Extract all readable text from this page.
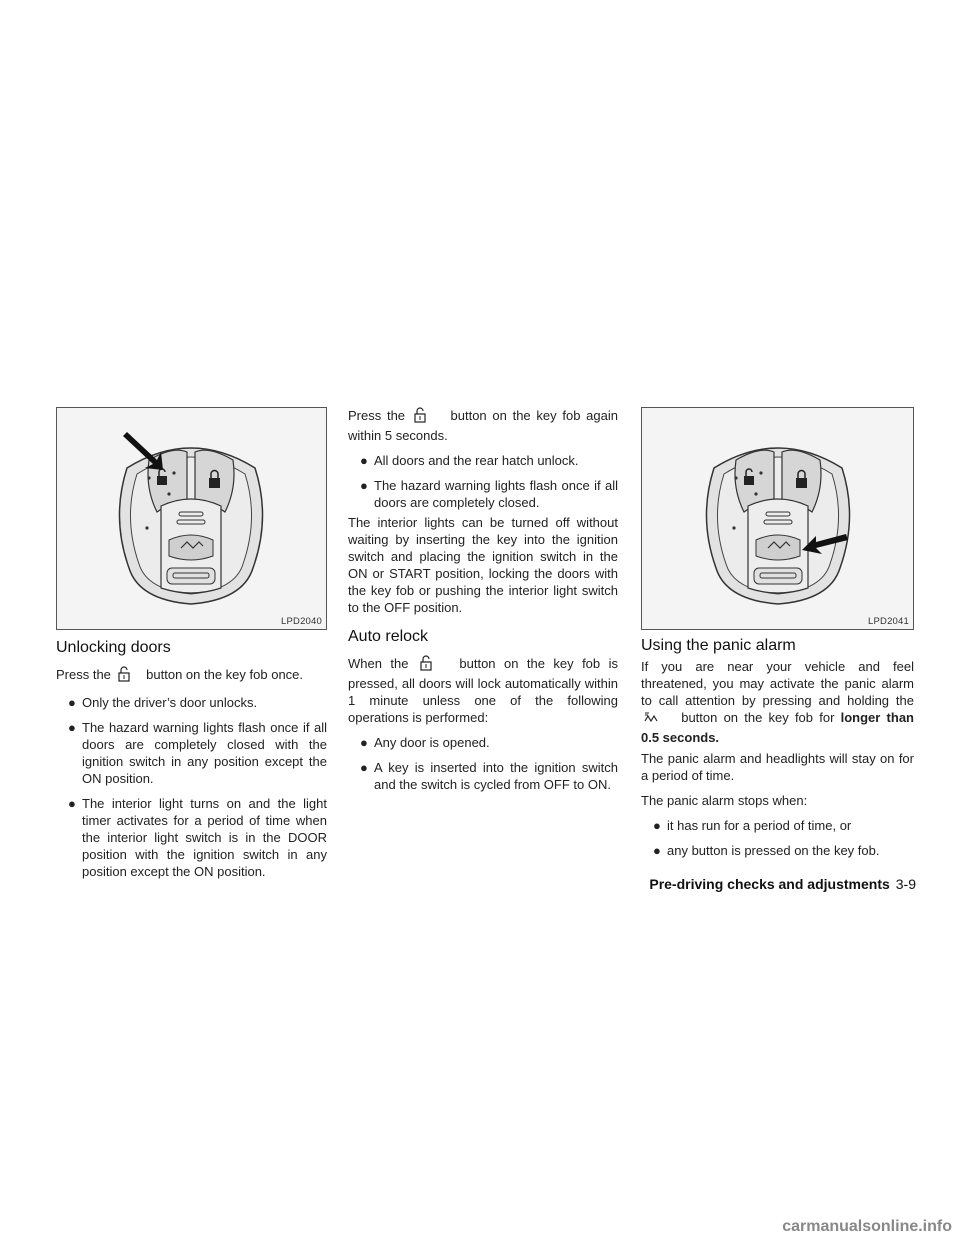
LPD2040
Unlocking doors

Press the	button on the key fob once.

● Only the driver’s door unlocks.
● The hazard warning lights flash once if all doors are completely closed with the ignition switch in any position except the ON position.
● The interior light turns on and the light timer activates for a period of time when the interior light switch is in the DOOR position with the ignition switch in any position except the ON position.

Press the	button on the key fob again within 5 seconds.

● All doors and the rear hatch unlock.
● The hazard warning lights flash once if all doors are completely closed.

The interior lights can be turned off without waiting by inserting the key into the ignition switch and placing the ignition switch in the ON or START position, locking the doors with the key fob or pushing the interior light switch to the OFF position.

Auto relock

When the	button on the key fob is pressed, all doors will lock automatically within 1 minute unless one of the following operations is performed:

● Any door is opened.
● A key is inserted into the ignition switch and the switch is cycled from OFF to ON.
LPD2041
Using the panic alarm

If you are near your vehicle and feel threatened, you may activate the panic alarm to call attention by pressing and holding the  button on the key fob for longer than 0.5 seconds.

The panic alarm and headlights will stay on for a period of time.

The panic alarm stops when:

● it has run for a period of time, or
● any button is pressed on the key fob.
Pre-driving checks and adjustments 3-9
carmanualsonline.info
